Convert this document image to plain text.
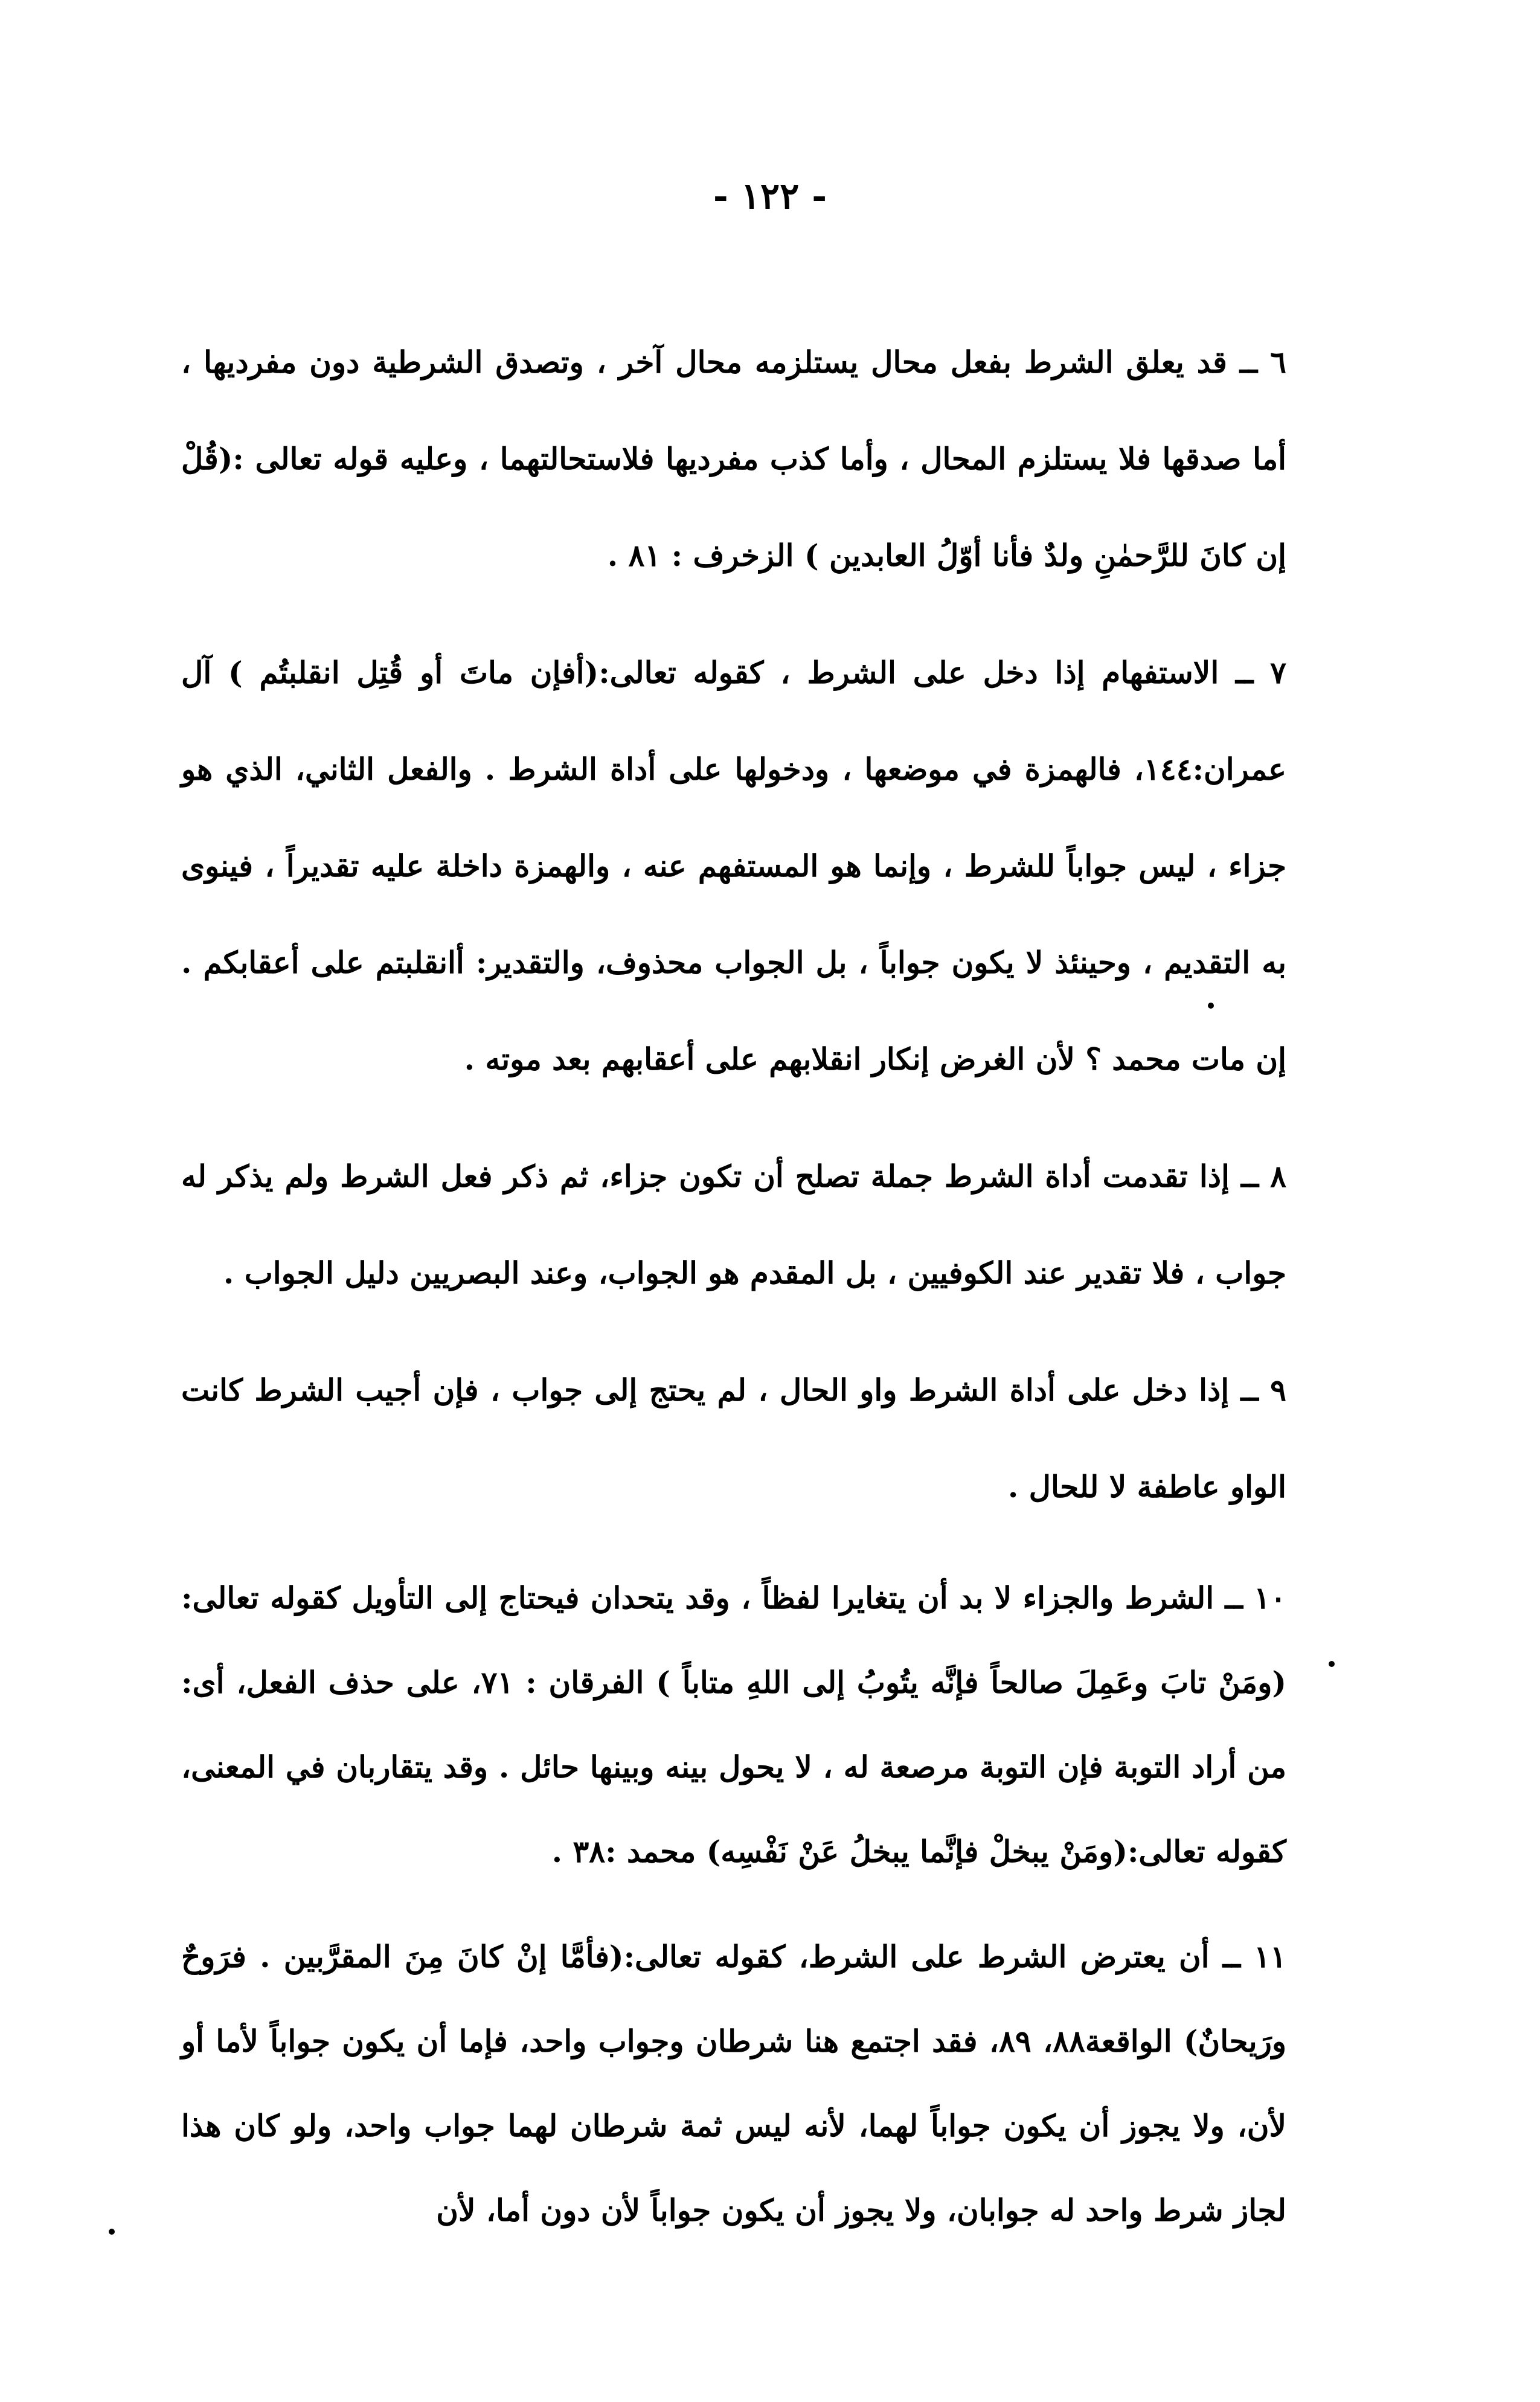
- ١٢٢ -

٦ ــ قد يعلق الشرط بفعل محال يستلزمه محال آخر ، وتصدق الشرطية دون مفرديها ، أما صدقها فلا يستلزم المحال ، وأما كذب مفرديها فلاستحالتهما ، وعليه قوله تعالى :(قُلْ إن كانَ للرَّحمٰنِ ولدٌ فأنا أوّلُ العابدين ) الزخرف : ٨١ .

٧ ــ الاستفهام إذا دخل على الشرط ، كقوله تعالى:(أفإن ماتَ أو قُتِل انقلبتُم ) آل عمران:١٤٤، فالهمزة في موضعها ، ودخولها على أداة الشرط . والفعل الثاني، الذي هو جزاء ، ليس جواباً للشرط ، وإنما هو المستفهم عنه ، والهمزة داخلة عليه تقديراً ، فينوى به التقديم ، وحينئذ لا يكون جواباً ، بل الجواب محذوف، والتقدير: أانقلبتم على أعقابكم . إن مات محمد ؟ لأن الغرض إنكار انقلابهم على أعقابهم بعد موته .

٨ ــ إذا تقدمت أداة الشرط جملة تصلح أن تكون جزاء، ثم ذكر فعل الشرط ولم يذكر له جواب ، فلا تقدير عند الكوفيين ، بل المقدم هو الجواب، وعند البصريين دليل الجواب .

٩ ــ إذا دخل على أداة الشرط واو الحال ، لم يحتج إلى جواب ، فإن أجيب الشرط كانت الواو عاطفة لا للحال .

١٠ ــ الشرط والجزاء لا بد أن يتغايرا لفظاً ، وقد يتحدان فيحتاج إلى التأويل كقوله تعالى:(ومَنْ تابَ وعَمِلَ صالحاً فإنَّه يتُوبُ إلى اللهِ متاباً ) الفرقان : ٧١، على حذف الفعل، أى: من أراد التوبة فإن التوبة مرصعة له ، لا يحول بينه وبينها حائل . وقد يتقاربان في المعنى، كقوله تعالى:(ومَنْ يبخلْ فإنَّما يبخلُ عَنْ نَفْسِه) محمد :٣٨ .

١١ ــ أن يعترض الشرط على الشرط، كقوله تعالى:(فأمَّا إنْ كانَ مِنَ المقرَّبين . فرَوحٌ ورَيحانٌ) الواقعة٨٨، ٨٩، فقد اجتمع هنا شرطان وجواب واحد، فإما أن يكون جواباً لأما أو لأن، ولا يجوز أن يكون جواباً لهما، لأنه ليس ثمة شرطان لهما جواب واحد، ولو كان هذا لجاز شرط واحد له جوابان، ولا يجوز أن يكون جواباً لأن دون أما، لأن
